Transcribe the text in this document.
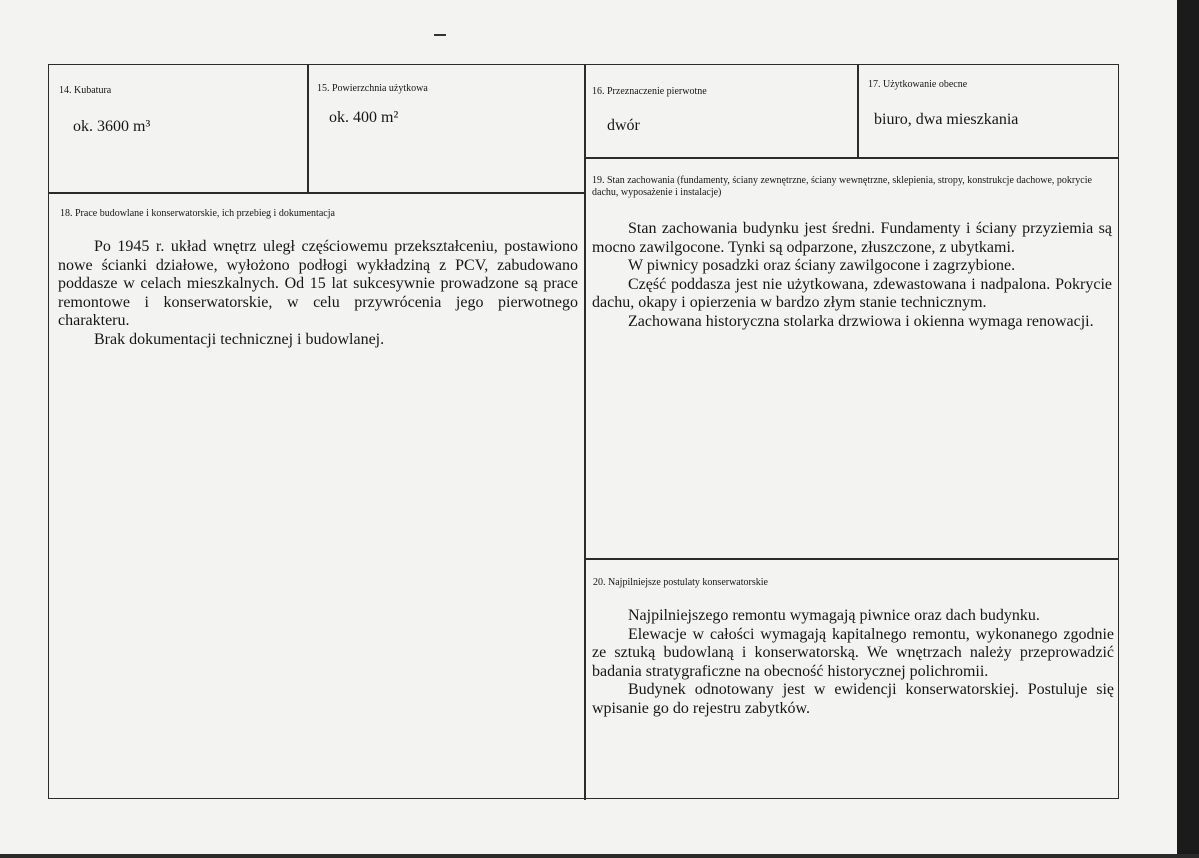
14. Kubatura
ok. 3600 m³
15. Powierzchnia użytkowa
ok. 400 m²
16. Przeznaczenie pierwotne
dwór
17. Użytkowanie obecne
biuro, dwa mieszkania
18. Prace budowlane i konserwatorskie, ich przebieg i dokumentacja

Po 1945 r. układ wnętrz uległ częściowemu przekształceniu, postawiono nowe ścianki działowe, wyłożono podłogi wykładziną z PCV, zabudowano poddasze w celach mieszkalnych. Od 15 lat sukcesywnie prowadzone są prace remontowe i konserwatorskie, w celu przywrócenia jego pierwotnego charakteru.

Brak dokumentacji technicznej i budowlanej.

19. Stan zachowania (fundamenty, ściany zewnętrzne, ściany wewnętrzne, sklepienia, stropy, konstrukcje dachowe, pokrycie dachu, wyposażenie i instalacje)

Stan zachowania budynku jest średni. Fundamenty i ściany przyziemia są mocno zawilgocone. Tynki są odparzone, złuszczone, z ubytkami.

W piwnicy posadzki oraz ściany zawilgocone i zagrzybione.

Część poddasza jest nie użytkowana, zdewastowana i nadpalona. Pokrycie dachu, okapy i opierzenia w bardzo złym stanie technicznym.

Zachowana historyczna stolarka drzwiowa i okienna wymaga renowacji.

20. Najpilniejsze postulaty konserwatorskie

Najpilniejszego remontu wymagają piwnice oraz dach budynku.

Elewacje w całości wymagają kapitalnego remontu, wykonanego zgodnie ze sztuką budowlaną i konserwatorską. We wnętrzach należy przeprowadzić badania stratygraficzne na obecność historycznej polichromii.

Budynek odnotowany jest w ewidencji konserwatorskiej. Postuluje się wpisanie go do rejestru zabytków.
